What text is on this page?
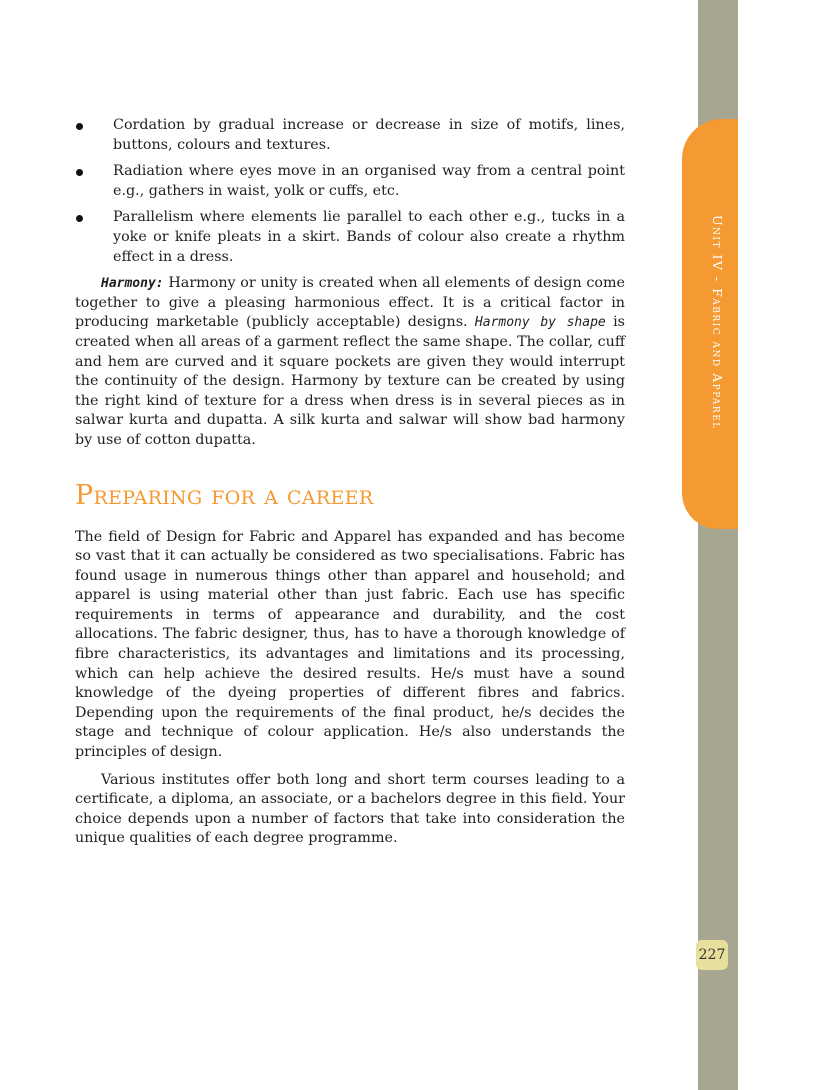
Unit IV - Fabric and Apparel
227
Cordation by gradual increase or decrease in size of motifs, lines, buttons, colours and textures.
Radiation where eyes move in an organised way from a central point e.g., gathers in waist, yolk or cuffs, etc.
Parallelism where elements lie parallel to each other e.g., tucks in a yoke or knife pleats in a skirt. Bands of colour also create a rhythm effect in a dress.

Harmony: Harmony or unity is created when all elements of design come together to give a pleasing harmonious effect. It is a critical factor in producing marketable (publicly acceptable) designs. Harmony by shape is created when all areas of a garment reflect the same shape. The collar, cuff and hem are curved and it square pockets are given they would interrupt the continuity of the design. Harmony by texture can be created by using the right kind of texture for a dress when dress is in several pieces as in salwar kurta and dupatta. A silk kurta and salwar will show bad harmony by use of cotton dupatta.

Preparing for a career

The field of Design for Fabric and Apparel has expanded and has become so vast that it can actually be considered as two specialisations. Fabric has found usage in numerous things other than apparel and household; and apparel is using material other than just fabric. Each use has specific requirements in terms of appearance and durability, and the cost allocations. The fabric designer, thus, has to have a thorough knowledge of fibre characteristics, its advantages and limitations and its processing, which can help achieve the desired results. He/s must have a sound knowledge of the dyeing properties of different fibres and fabrics. Depending upon the requirements of the final product, he/s decides the stage and technique of colour application. He/s also understands the principles of design.

Various institutes offer both long and short term courses leading to a certificate, a diploma, an associate, or a bachelors degree in this field. Your choice depends upon a number of factors that take into consideration the unique qualities of each degree programme.
